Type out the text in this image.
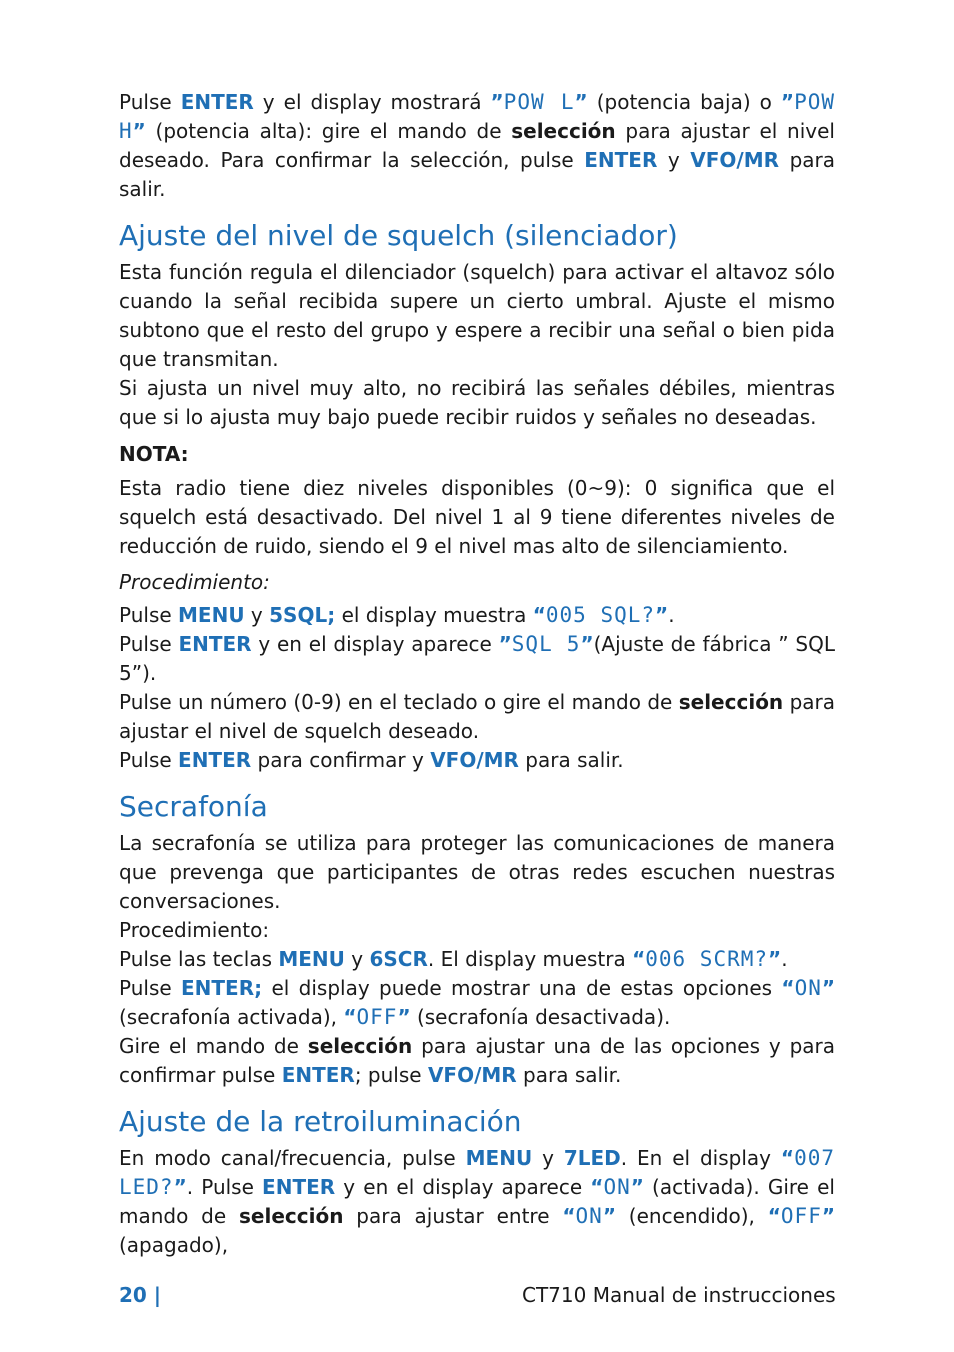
Pulse ENTER y el display mostrará ”POW L” (potencia baja) o ”POW H” (potencia alta): gire el mando de selección para ajustar el nivel deseado. Para confirmar la selección, pulse ENTER y VFO/MR para salir.

Ajuste del nivel de squelch (silenciador)

Esta función regula el dilenciador (squelch) para activar el altavoz sólo cuando la señal recibida supere un cierto umbral. Ajuste el mismo subtono que el resto del grupo y espere a recibir una señal o bien pida que transmitan.

Si ajusta un nivel muy alto, no recibirá las señales débiles, mientras que si lo ajusta muy bajo puede recibir ruidos y señales no deseadas.

NOTA:

Esta radio tiene diez niveles disponibles (0~9): 0 significa que el squelch está desactivado. Del nivel 1 al 9 tiene diferentes niveles de reducción de ruido, siendo el 9 el nivel mas alto de silenciamiento.

Procedimiento:

Pulse MENU y 5SQL; el display muestra “005 SQL?”.

Pulse ENTER y en el display aparece ”SQL 5”(Ajuste de fábrica ” SQL 5”).

Pulse un número (0-9) en el teclado o gire el mando de selección para ajustar el nivel de squelch deseado.

Pulse ENTER para confirmar y VFO/MR para salir.

Secrafonía

La secrafonía se utiliza para proteger las comunicaciones de manera que prevenga que participantes de otras redes escuchen nuestras conversaciones.

Procedimiento:

Pulse las teclas MENU y 6SCR. El display muestra “006 SCRM?”.

Pulse ENTER; el display puede mostrar una de estas opciones “ON” (secrafonía activada), “OFF” (secrafonía desactivada).

Gire el mando de selección para ajustar una de las opciones y para confirmar pulse ENTER; pulse VFO/MR para salir.

Ajuste de la retroiluminación

En modo canal/frecuencia, pulse MENU y 7LED. En el display “007 LED?”. Pulse ENTER y en el display aparece “ON” (activada). Gire el mando de selección para ajustar entre “ON” (encendido), “OFF” (apagado),

20 |	CT710 Manual de instrucciones
